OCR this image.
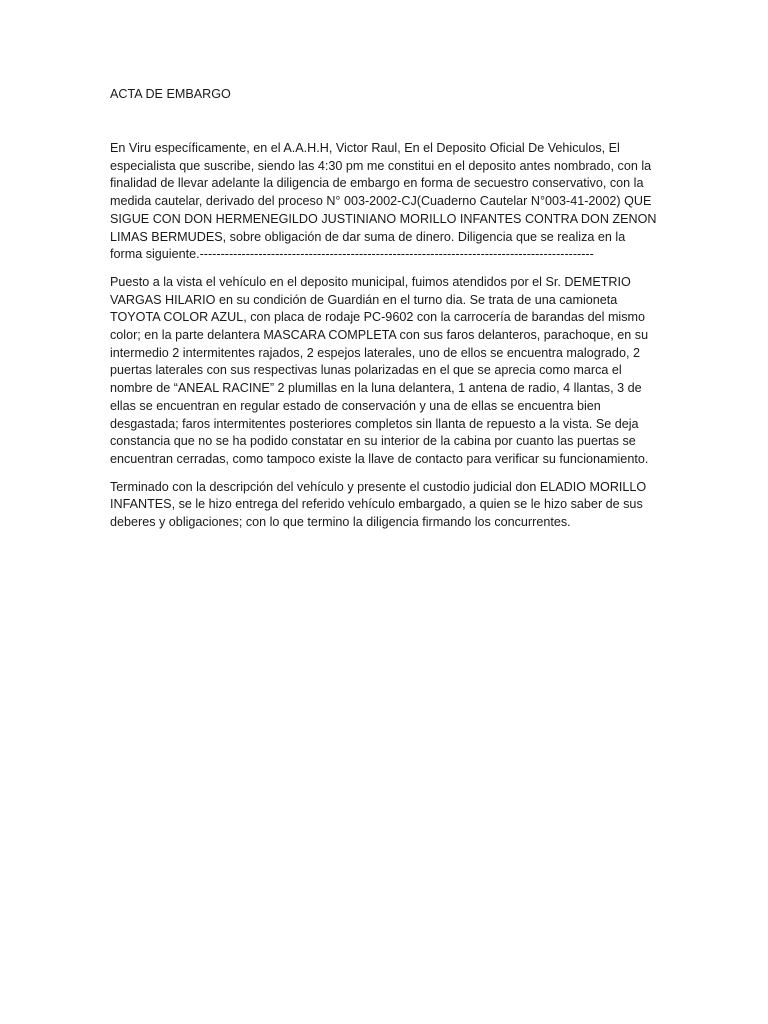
ACTA DE EMBARGO

En Viru específicamente, en el A.A.H.H, Victor Raul, En el Deposito Oficial De Vehiculos, El especialista que suscribe, siendo las 4:30 pm me constitui en el deposito antes nombrado, con la finalidad de llevar adelante la diligencia de embargo en forma de secuestro conservativo, con la medida cautelar, derivado del proceso N° 003-2002-CJ(Cuaderno Cautelar N°003-41-2002) QUE SIGUE CON DON HERMENEGILDO JUSTINIANO MORILLO INFANTES CONTRA DON ZENON LIMAS BERMUDES, sobre obligación de dar suma de dinero. Diligencia que se realiza en la forma siguiente.----------------------------------------------------------------------------------------------

Puesto a la vista el vehículo en el deposito municipal, fuimos atendidos por el Sr. DEMETRIO VARGAS HILARIO en su condición de Guardián en el turno dia. Se trata de una camioneta TOYOTA COLOR AZUL, con placa de rodaje PC-9602 con la carrocería de barandas del mismo color; en la parte delantera MASCARA COMPLETA con sus faros delanteros, parachoque, en su intermedio 2 intermitentes rajados, 2 espejos laterales, uno de ellos se encuentra malogrado, 2 puertas laterales con sus respectivas lunas polarizadas en el que se aprecia como marca el nombre de “ANEAL RACINE” 2 plumillas en la luna delantera, 1 antena de radio, 4 llantas, 3 de ellas se encuentran en regular estado de conservación y una de ellas se encuentra bien desgastada; faros intermitentes posteriores completos sin llanta de repuesto a la vista. Se deja constancia que no se ha podido constatar en su interior de la cabina por cuanto las puertas se encuentran cerradas, como tampoco existe la llave de contacto para verificar su funcionamiento.

Terminado con la descripción del vehículo y presente el custodio judicial don ELADIO MORILLO INFANTES, se le hizo entrega del referido vehículo embargado, a quien se le hizo saber de sus deberes y obligaciones; con lo que termino la diligencia firmando los concurrentes.
